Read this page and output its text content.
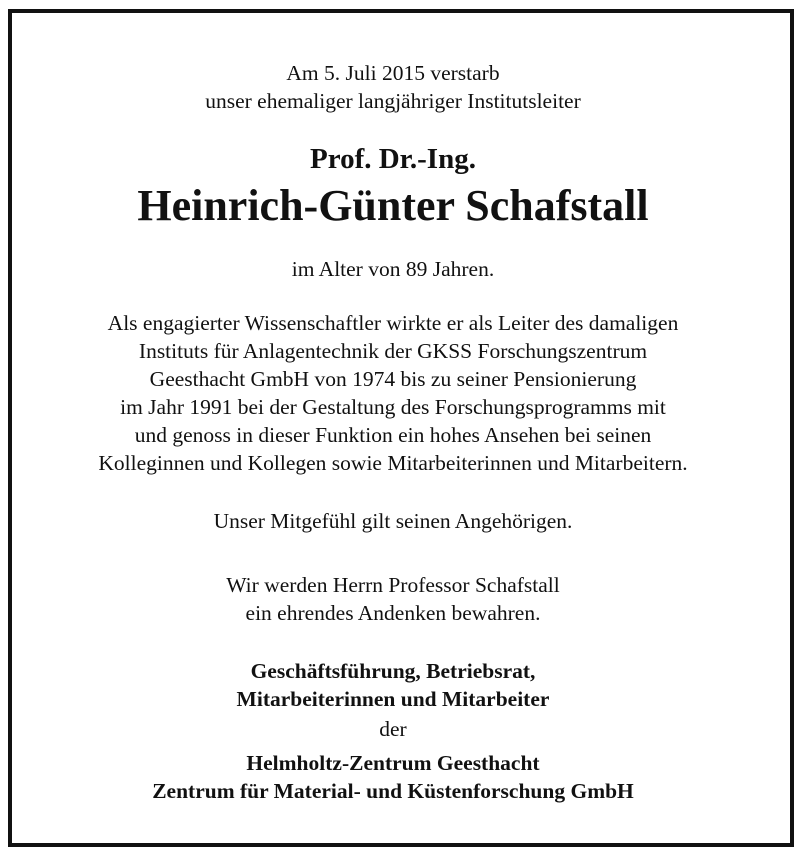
Am 5. Juli 2015 verstarb
unser ehemaliger langjähriger Institutsleiter
Prof. Dr.-Ing.
Heinrich-Günter Schafstall
im Alter von 89 Jahren.
Als engagierter Wissenschaftler wirkte er als Leiter des damaligen
Instituts für Anlagentechnik der GKSS Forschungszentrum
Geesthacht GmbH von 1974 bis zu seiner Pensionierung
im Jahr 1991 bei der Gestaltung des Forschungsprogramms mit
und genoss in dieser Funktion ein hohes Ansehen bei seinen
Kolleginnen und Kollegen sowie Mitarbeiterinnen und Mitarbeitern.
Unser Mitgefühl gilt seinen Angehörigen.
Wir werden Herrn Professor Schafstall
ein ehrendes Andenken bewahren.
Geschäftsführung, Betriebsrat,
Mitarbeiterinnen und Mitarbeiter
der
Helmholtz-Zentrum Geesthacht
Zentrum für Material- und Küstenforschung GmbH
